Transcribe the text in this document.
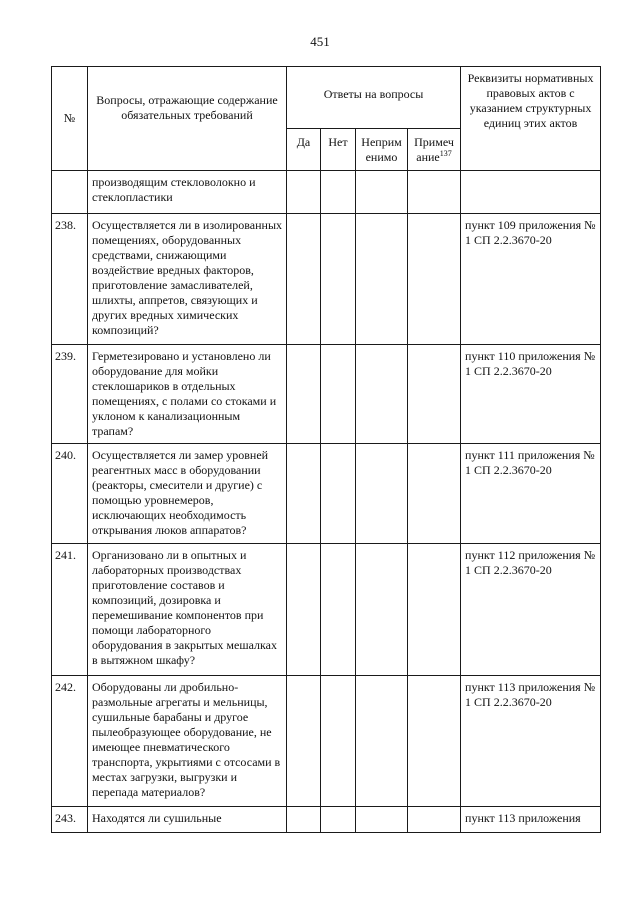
451
№	Вопросы, отражающие содержание обязательных требований	Ответы на вопросы				Реквизиты нормативных правовых актов с указанием структурных единиц этих актов
		Да	Нет	Неприм енимо	Примеч ание$^{137}$
	производящим стекловолокно и стеклопластики					
238.	Осуществляется ли в изолированных помещениях, оборудованных средствами, снижающими воздействие вредных факторов, приготовление замасливателей, шлихты, аппретов, связующих и других вредных химических композиций?					пункт 109 приложения № 1 СП 2.2.3670-20
239.	Герметезировано и установлено ли оборудование для мойки стеклошариков в отдельных помещениях, с полами со стоками и уклоном к канализационным трапам?					пункт 110 приложения № 1 СП 2.2.3670-20
240.	Осуществляется ли замер уровней реагентных масс в оборудовании (реакторы, смесители и другие) с помощью уровнемеров, исключающих необходимость открывания люков аппаратов?					пункт 111 приложения № 1 СП 2.2.3670-20
241.	Организовано ли в опытных и лабораторных производствах приготовление составов и композиций, дозировка и перемешивание компонентов при помощи лабораторного оборудования в закрытых мешалках в вытяжном шкафу?					пункт 112 приложения № 1 СП 2.2.3670-20
242.	Оборудованы ли дробильно-размольные агрегаты и мельницы, сушильные барабаны и другое пылеобразующее оборудование, не имеющее пневматического транспорта, укрытиями с отсосами в местах загрузки, выгрузки и перепада материалов?					пункт 113 приложения № 1 СП 2.2.3670-20
243.	Находятся ли сушильные					пункт 113 приложения
